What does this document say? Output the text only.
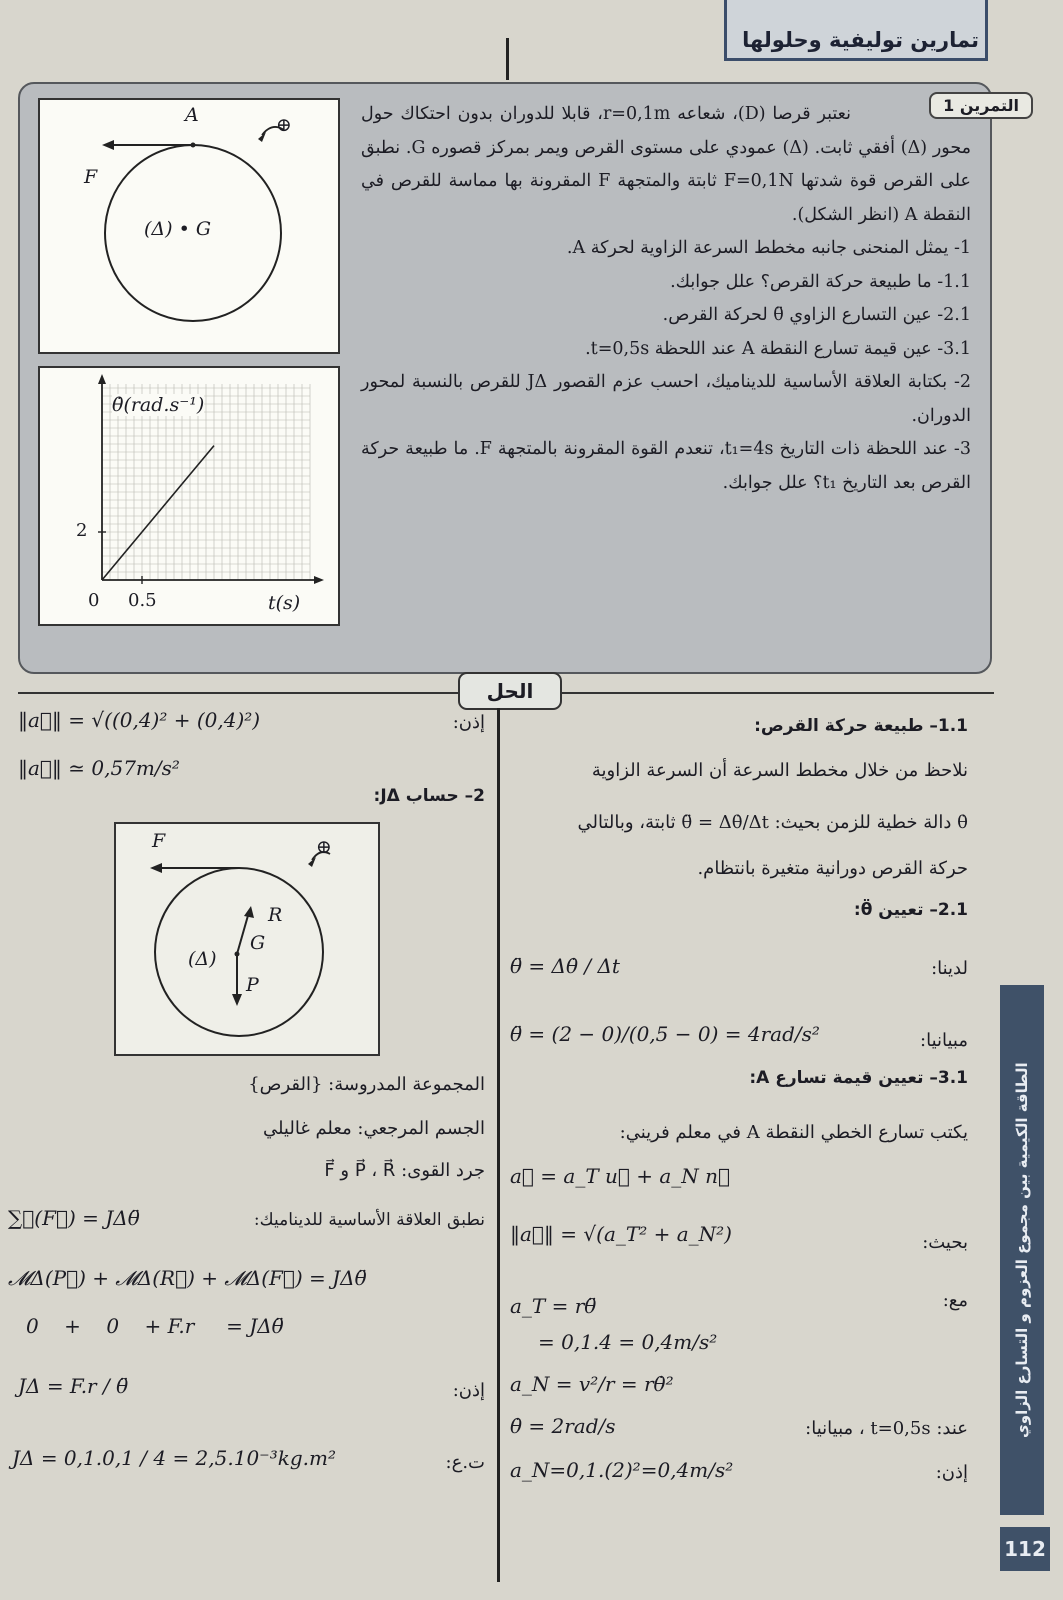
تمارين توليفية وحلولها
A
F
⊕
(Δ) • G
θ̇(rad.s⁻¹)
t(s)
2
0.5
0
التمرين 1

نعتبر قرصا (D)، شعاعه r=0,1m، قابلا للدوران بدون احتكاك حول محور (Δ) أفقي ثابت. (Δ) عمودي على مستوى القرص ويمر بمركز قصوره G. نطبق على القرص قوة شدتها F=0,1N ثابتة والمتجهة F المقرونة بها مماسة للقرص في النقطة A (انظر الشكل).

1- يمثل المنحنى جانبه مخطط السرعة الزاوية لحركة A.

1.1- ما طبيعة حركة القرص؟ علل جوابك.

2.1- عين التسارع الزاوي θ̈ لحركة القرص.

3.1- عين قيمة تسارع النقطة A عند اللحظة t=0,5s.

2- بكتابة العلاقة الأساسية للديناميك، احسب عزم القصور JΔ للقرص بالنسبة لمحور الدوران.

3- عند اللحظة ذات التاريخ t₁=4s، تنعدم القوة المقرونة بالمتجهة F. ما طبيعة حركة القرص بعد التاريخ t₁؟ علل جوابك.

الحل
1.1– طبيعة حركة القرص:
نلاحظ من خلال مخطط السرعة أن السرعة الزاوية
θ̇ دالة خطية للزمن بحيث: θ̈ = Δθ̇/Δt ثابتة، وبالتالي
حركة القرص دورانية متغيرة بانتظام.
2.1– تعيين θ̈:
لدينا:
θ̈ = Δθ̇ / Δt
مبيانيا:
θ̈ = (2 − 0)/(0,5 − 0) = 4rad/s²
3.1– تعيين قيمة تسارع A:
يكتب تسارع الخطي النقطة A في معلم فريني:
a⃗ = a_T u⃗ + a_N n⃗
بحيث:
‖a⃗‖ = √(a_T² + a_N²)
مع:
a_T = rθ̈
= 0,1.4 = 0,4m/s²
a_N = v²/r = rθ̇²
عند: t=0,5s ، مبيانيا:
θ̇ = 2rad/s
إذن:
a_N=0,1.(2)²=0,4m/s²
إذن:
‖a⃗‖ = √((0,4)² + (0,4)²)
‖a⃗‖ ≃ 0,57m/s²
2– حساب JΔ:
F
R
P
G
(Δ)
⊕
المجموعة المدروسة: {القرص}
الجسم المرجعي: معلم غاليلي
جرد القوى: P⃗ ، R⃗ و F⃗
نطبق العلاقة الأساسية للديناميك:
∑𝓜(F⃗) = JΔθ̈
𝓜Δ(P⃗) + 𝓜Δ(R⃗) + 𝓜Δ(F⃗) = JΔθ̈
0    +    0    + F.r     = JΔθ̈
إذن:
JΔ = F.r / θ̈
ت.ع:
JΔ = 0,1.0,1 / 4 = 2,5.10⁻³kg.m²
الطاقة الكيمية بين مجموع العزوم و التسارع الزاوي
112
